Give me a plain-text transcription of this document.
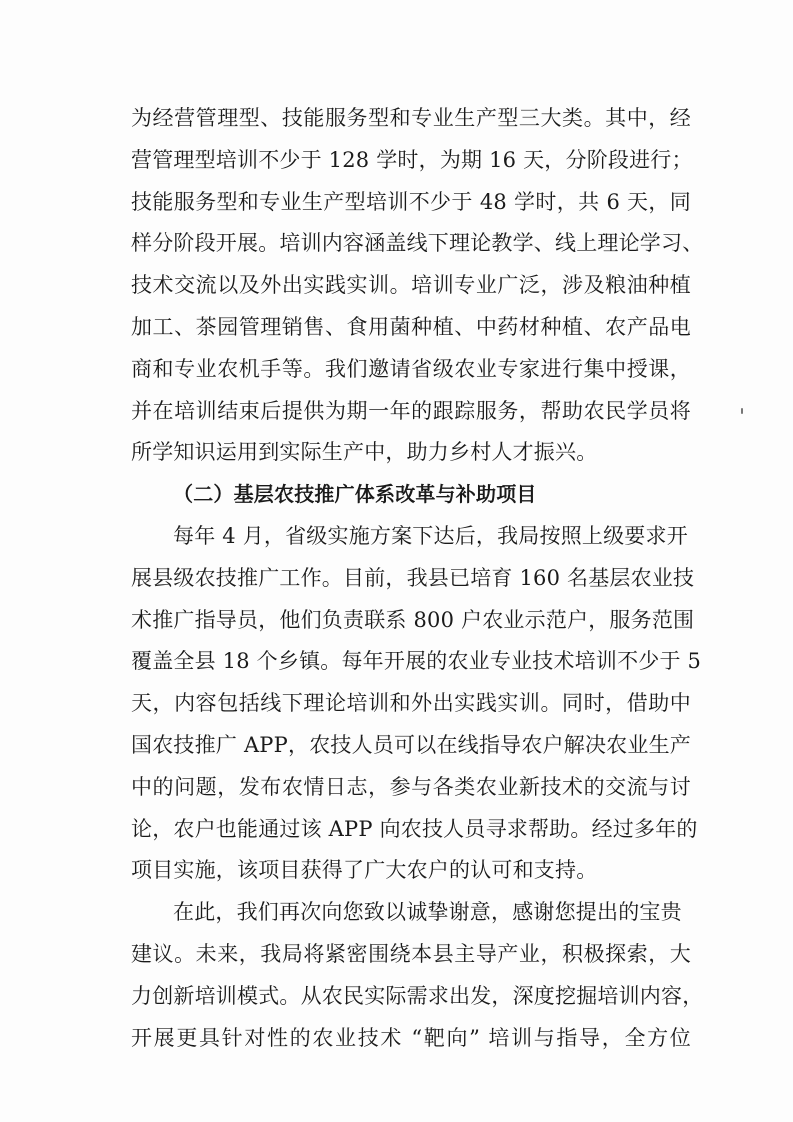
为经营管理型、技能服务型和专业生产型三大类。其中，经
营管理型培训不少于 128 学时，为期 16 天，分阶段进行；
技能服务型和专业生产型培训不少于 48 学时，共 6 天，同
样分阶段开展。培训内容涵盖线下理论教学、线上理论学习、
技术交流以及外出实践实训。培训专业广泛，涉及粮油种植
加工、茶园管理销售、食用菌种植、中药材种植、农产品电
商和专业农机手等。我们邀请省级农业专家进行集中授课，
并在培训结束后提供为期一年的跟踪服务，帮助农民学员将
所学知识运用到实际生产中，助力乡村人才振兴。
（二）基层农技推广体系改革与补助项目
每年 4 月，省级实施方案下达后，我局按照上级要求开
展县级农技推广工作。目前，我县已培育 160 名基层农业技
术推广指导员，他们负责联系 800 户农业示范户，服务范围
覆盖全县 18 个乡镇。每年开展的农业专业技术培训不少于 5
天，内容包括线下理论培训和外出实践实训。同时，借助中
国农技推广 APP，农技人员可以在线指导农户解决农业生产
中的问题，发布农情日志，参与各类农业新技术的交流与讨
论，农户也能通过该 APP 向农技人员寻求帮助。经过多年的
项目实施，该项目获得了广大农户的认可和支持。
在此，我们再次向您致以诚挚谢意，感谢您提出的宝贵
建议。未来，我局将紧密围绕本县主导产业，积极探索，大
力创新培训模式。从农民实际需求出发，深度挖掘培训内容，
开展更具针对性的农业技术 “靶向” 培训与指导，全方位
